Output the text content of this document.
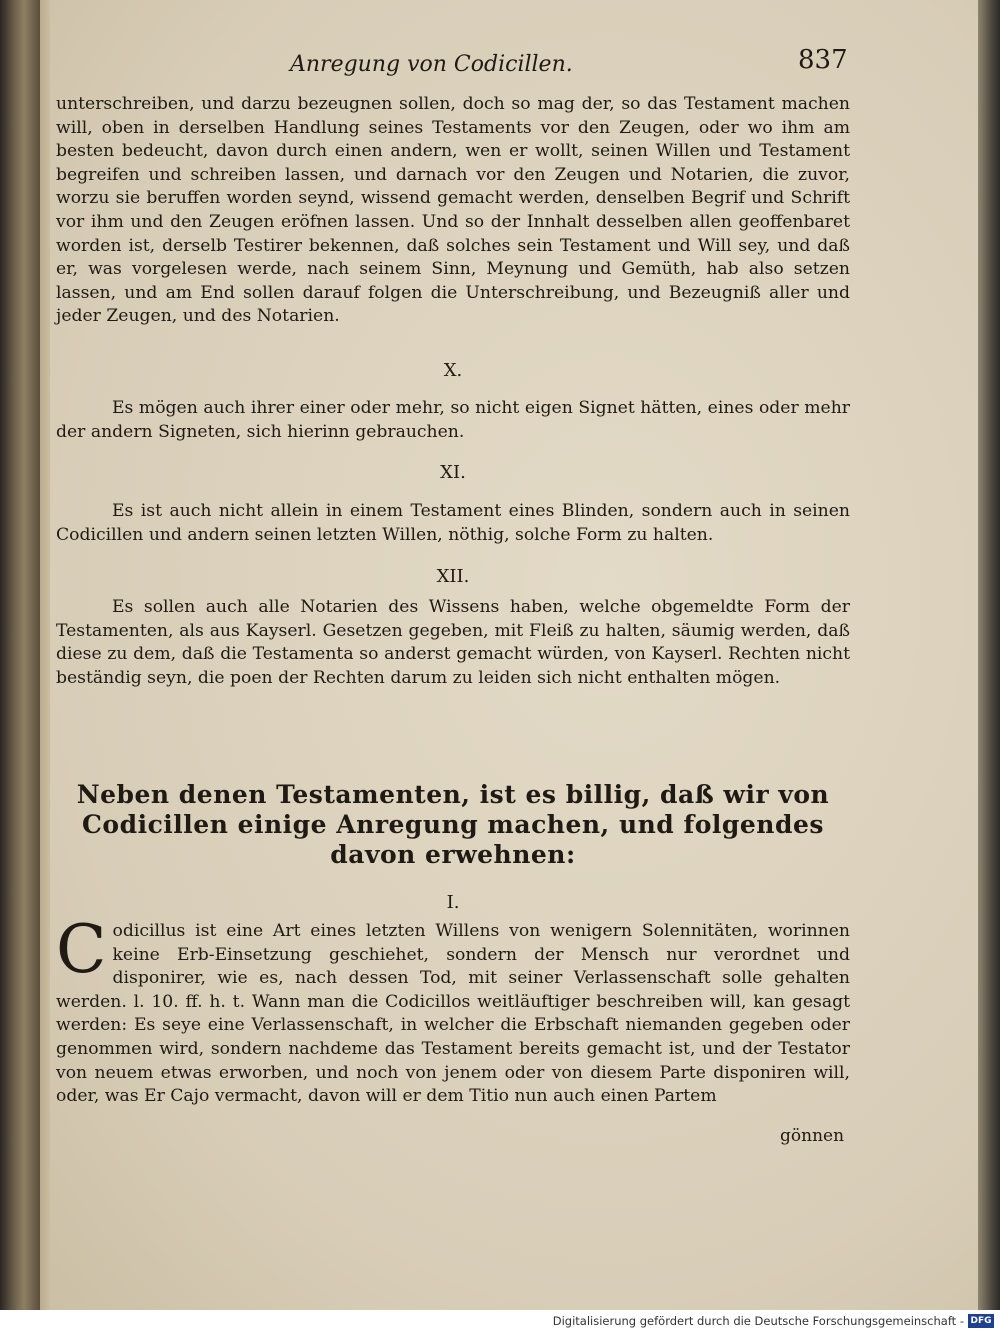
Anregung von Codicillen.	837

unterschreiben, und darzu bezeugnen sollen, doch so mag der, so das Testament machen will, oben in derselben Handlung seines Testaments vor den Zeugen, oder wo ihm am besten bedeucht, davon durch einen andern, wen er wollt, seinen Willen und Testament begreifen und schreiben lassen, und darnach vor den Zeugen und Notarien, die zuvor, worzu sie beruffen worden seynd, wissend gemacht werden, denselben Begrif und Schrift vor ihm und den Zeugen eröfnen lassen. Und so der Innhalt desselben allen geoffenbaret worden ist, derselb Testirer bekennen, daß solches sein Testament und Will sey, und daß er, was vorgelesen werde, nach seinem Sinn, Meynung und Gemüth, hab also setzen lassen, und am End sollen darauf folgen die Unterschreibung, und Bezeugniß aller und jeder Zeugen, und des Notarien.

X.

Es mögen auch ihrer einer oder mehr, so nicht eigen Signet hätten, eines oder mehr der andern Signeten, sich hierinn gebrauchen.

XI.

Es ist auch nicht allein in einem Testament eines Blinden, sondern auch in seinen Codicillen und andern seinen letzten Willen, nöthig, solche Form zu halten.

XII.

Es sollen auch alle Notarien des Wissens haben, welche obgemeldte Form der Testamenten, als aus Kayserl. Gesetzen gegeben, mit Fleiß zu halten, säumig werden, daß diese zu dem, daß die Testamenta so anderst gemacht würden, von Kayserl. Rechten nicht beständig seyn, die poen der Rechten darum zu leiden sich nicht enthalten mögen.

Neben denen Testamenten, ist es billig, daß wir von Codicillen einige Anregung machen, und folgendes davon erwehnen:
I.
C odicillus ist eine Art eines letzten Willens von wenigern Solennitäten, worinnen keine Erb-Einsetzung geschiehet, sondern der Mensch nur verordnet und disponirer, wie es, nach dessen Tod, mit seiner Verlassenschaft solle gehalten werden. l. 10. ff. h. t. Wann man die Codicillos weitläuftiger beschreiben will, kan gesagt werden: Es seye eine Verlassenschaft, in welcher die Erbschaft niemanden gegeben oder genommen wird, sondern nachdeme das Testament bereits gemacht ist, und der Testator von neuem etwas erworben, und noch von jenem oder von diesem Parte disponiren will, oder, was Er Cajo vermacht, davon will er dem Titio nun auch einen Partem

gönnen
Digitalisierung gefördert durch die Deutsche Forschungsgemeinschaft - DFG
